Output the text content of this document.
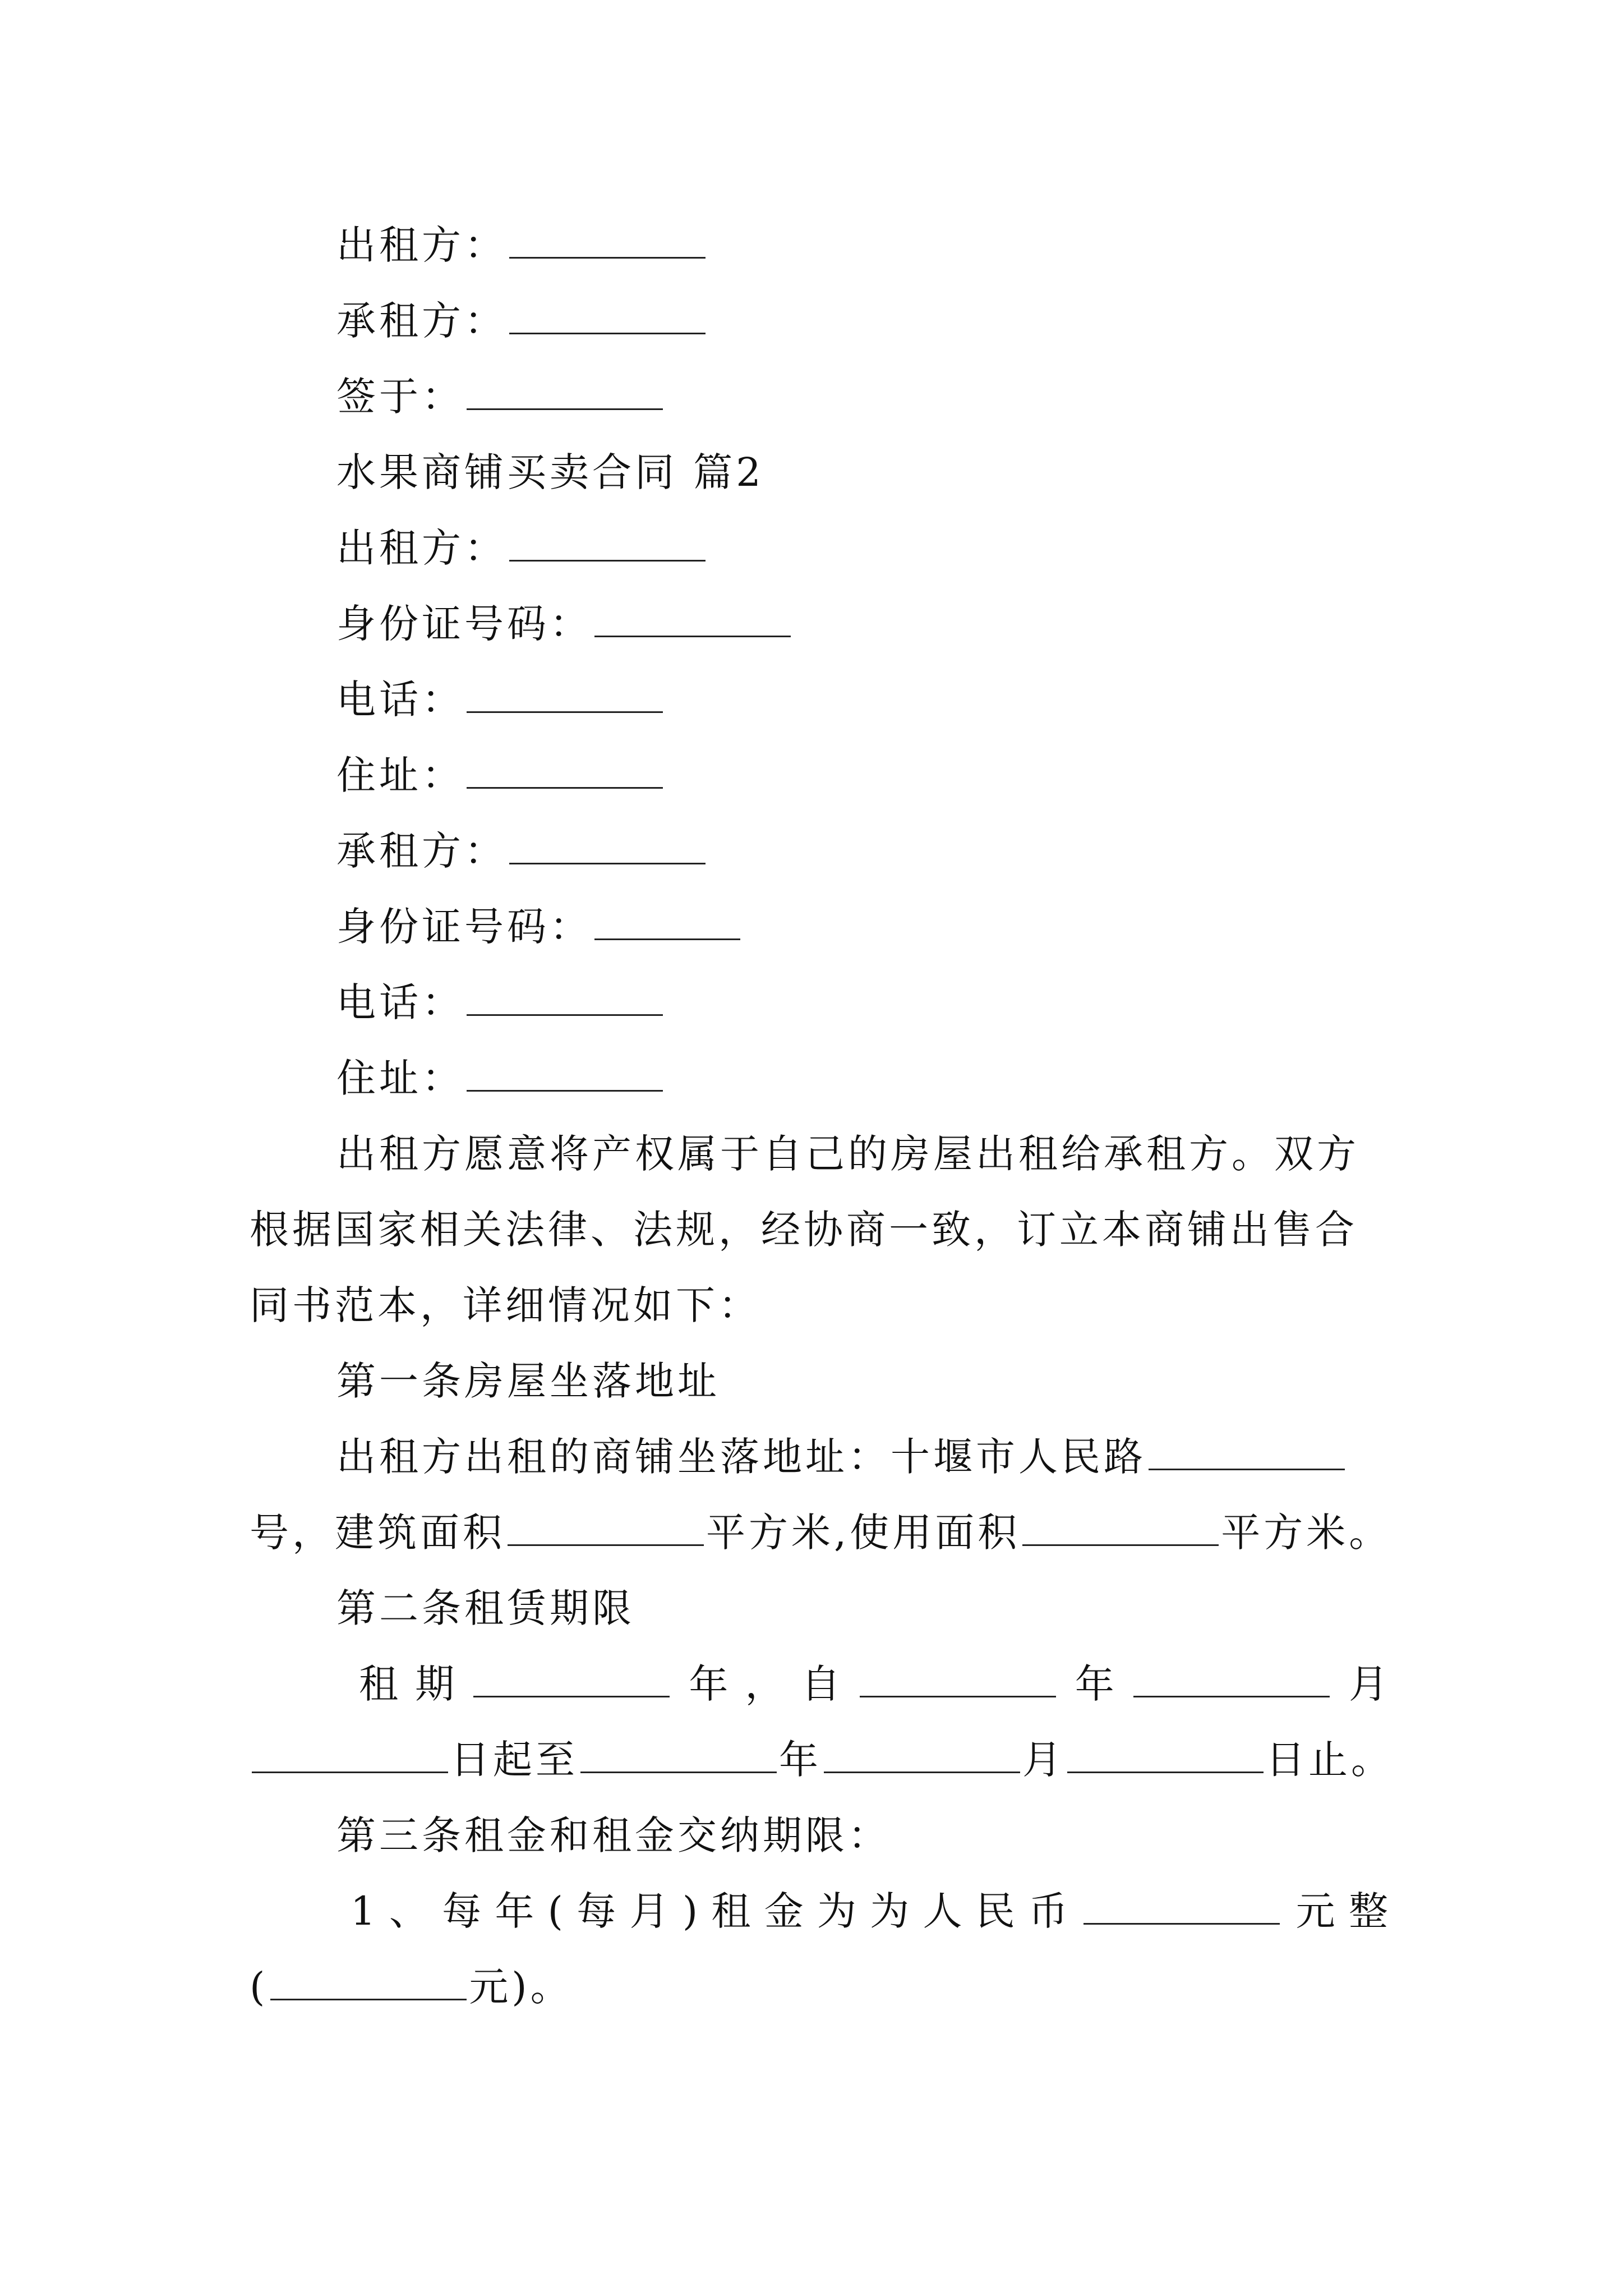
出租方：
承租方：
签于：
水果商铺买卖合同 篇2
出租方：
身份证号码：
电话：
住址：
承租方：
身份证号码：
电话：
住址：
出租方愿意将产权属于自己的房屋出租给承租方。双方
根据国家相关法律、法规，经协商一致，订立本商铺出售合
同书范本，详细情况如下：
第一条房屋坐落地址
出租方出租的商铺坐落地址：十堰市人民路
号，建筑面积	平方米,使用面积	平方米。
第二条租赁期限
租 期	年 ， 自	年	月
日起至	年	月	日止。
第三条租金和租金交纳期限：
1 、 每 年 ( 每 月 ) 租 金 为 为 人 民 币	元 整
(	元)。
